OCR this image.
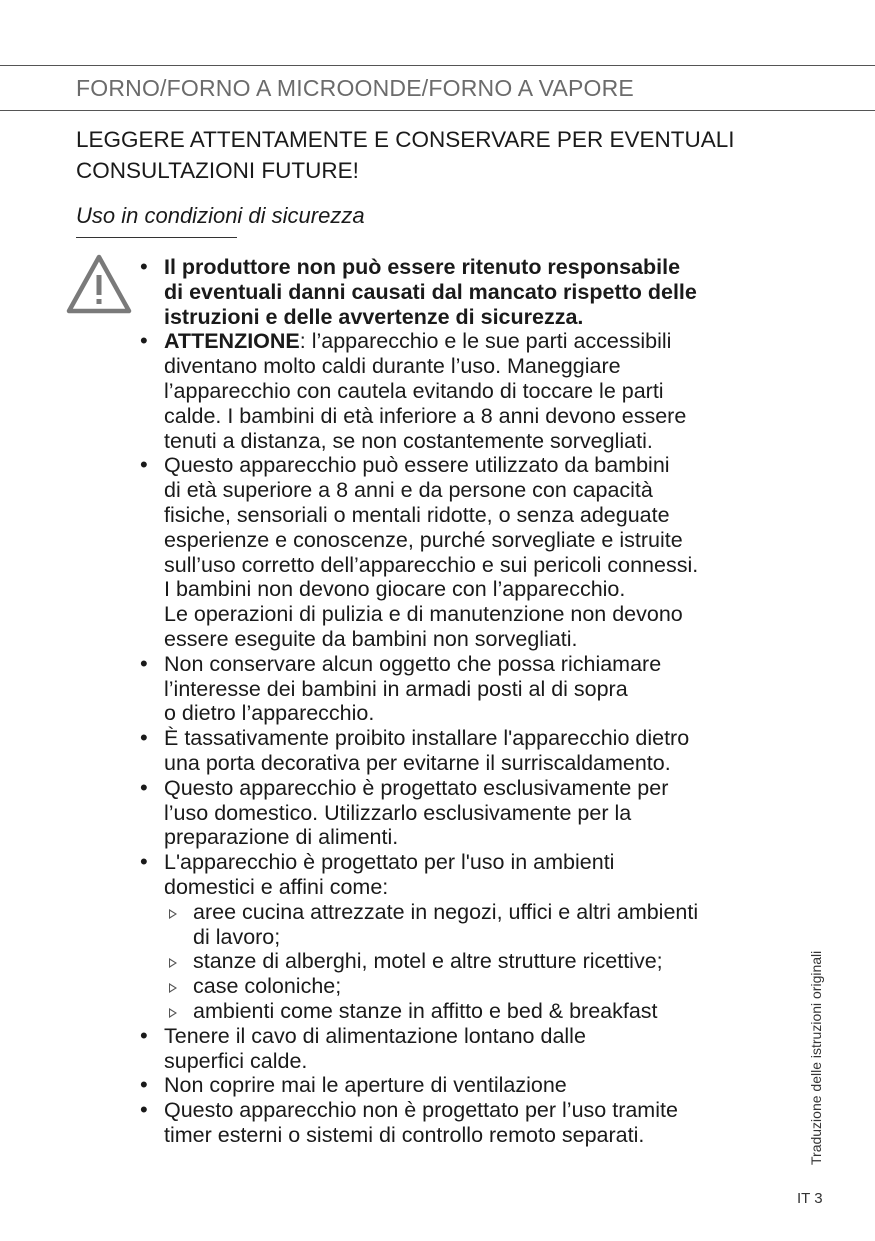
FORNO/FORNO A MICROONDE/FORNO A VAPORE
LEGGERE ATTENTAMENTE E CONSERVARE PER EVENTUALI
CONSULTAZIONI FUTURE!
Uso in condizioni di sicurezza
• Il produttore non può essere ritenuto responsabile
di eventuali danni causati dal mancato rispetto delle
istruzioni e delle avvertenze di sicurezza.
• ATTENZIONE: l’apparecchio e le sue parti accessibili
diventano molto caldi durante l’uso. Maneggiare
l’apparecchio con cautela evitando di toccare le parti
calde. I bambini di età inferiore a 8 anni devono essere
tenuti a distanza, se non costantemente sorvegliati.
• Questo apparecchio può essere utilizzato da bambini
di età superiore a 8 anni e da persone con capacità
fisiche, sensoriali o mentali ridotte, o senza adeguate
esperienze e conoscenze, purché sorvegliate e istruite
sull’uso corretto dell’apparecchio e sui pericoli connessi.
I bambini non devono giocare con l’apparecchio.
Le operazioni di pulizia e di manutenzione non devono
essere eseguite da bambini non sorvegliati.
• Non conservare alcun oggetto che possa richiamare
l’interesse dei bambini in armadi posti al di sopra
o dietro l’apparecchio.
• È tassativamente proibito installare l'apparecchio dietro
una porta decorativa per evitarne il surriscaldamento.
• Questo apparecchio è progettato esclusivamente per
l’uso domestico. Utilizzarlo esclusivamente per la
preparazione di alimenti.
• L'apparecchio è progettato per l'uso in ambienti
domestici e affini come:
aree cucina attrezzate in negozi, uffici e altri ambienti
di lavoro;
stanze di alberghi, motel e altre strutture ricettive;
case coloniche;
ambienti come stanze in affitto e bed & breakfast
• Tenere il cavo di alimentazione lontano dalle
superfici calde.
• Non coprire mai le aperture di ventilazione
• Questo apparecchio non è progettato per l’uso tramite
timer esterni o sistemi di controllo remoto separati.	Traduzione delle istruzioni originali
IT 3
